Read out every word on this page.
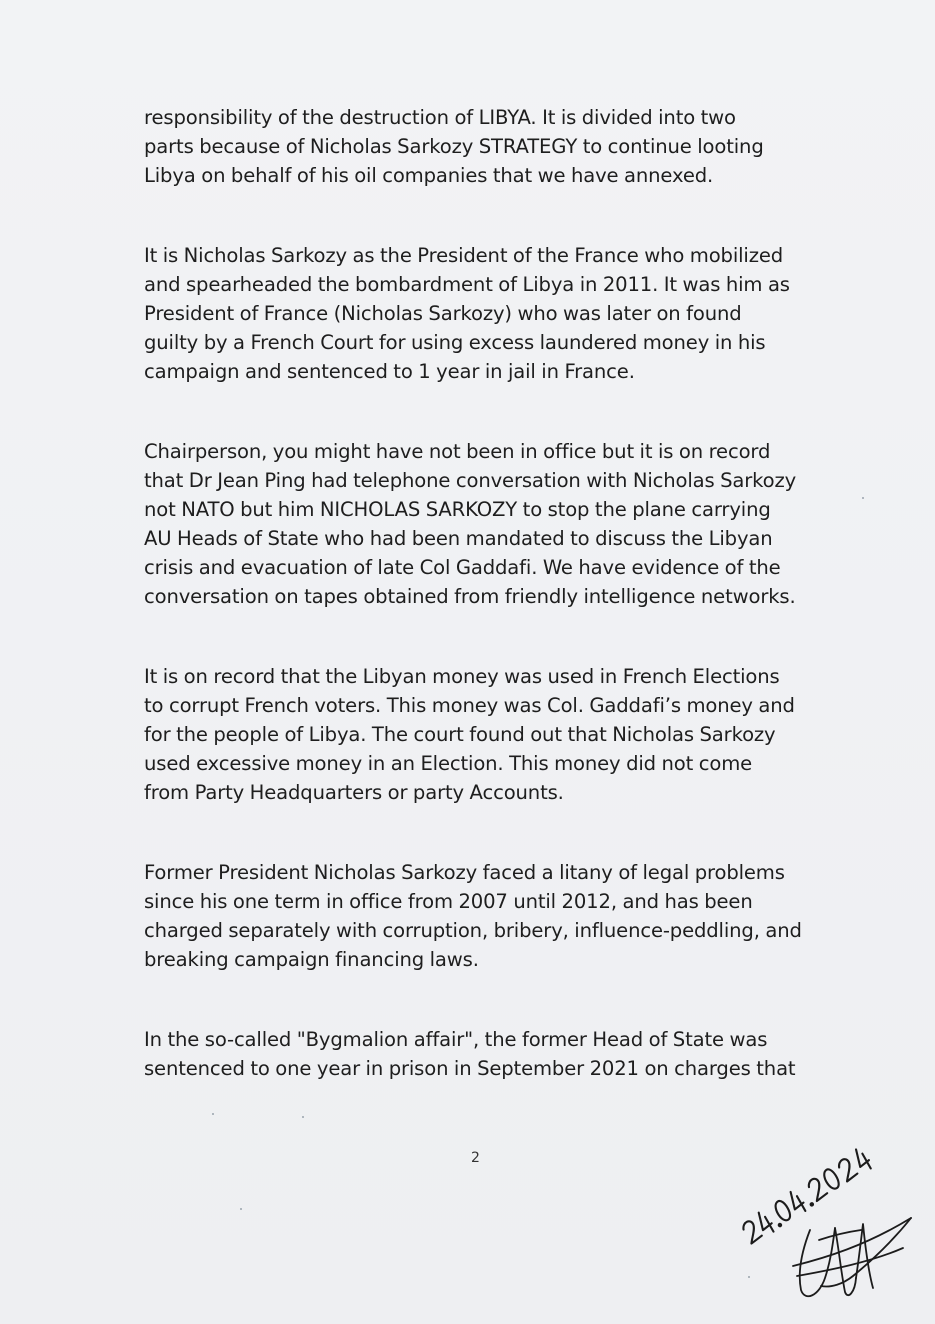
responsibility of the destruction of LIBYA. It is divided into two
parts because of Nicholas Sarkozy STRATEGY to continue looting
Libya on behalf of his oil companies that we have annexed.

It is Nicholas Sarkozy as the President of the France who mobilized
and spearheaded the bombardment of Libya in 2011. It was him as
President of France (Nicholas Sarkozy) who was later on found
guilty by a French Court for using excess laundered money in his
campaign and sentenced to 1 year in jail in France.

Chairperson, you might have not been in office but it is on record
that Dr Jean Ping had telephone conversation with Nicholas Sarkozy
not NATO but him NICHOLAS SARKOZY to stop the plane carrying
AU Heads of State who had been mandated to discuss the Libyan
crisis and evacuation of late Col Gaddafi. We have evidence of the
conversation on tapes obtained from friendly intelligence networks.

It is on record that the Libyan money was used in French Elections
to corrupt French voters. This money was Col. Gaddafi’s money and
for the people of Libya. The court found out that Nicholas Sarkozy
used excessive money in an Election. This money did not come
from Party Headquarters or party Accounts.

Former President Nicholas Sarkozy faced a litany of legal problems
since his one term in office from 2007 until 2012, and has been
charged separately with corruption, bribery, influence-peddling, and
breaking campaign financing laws.

In the so-called "Bygmalion affair", the former Head of State was
sentenced to one year in prison in September 2021 on charges that

2
